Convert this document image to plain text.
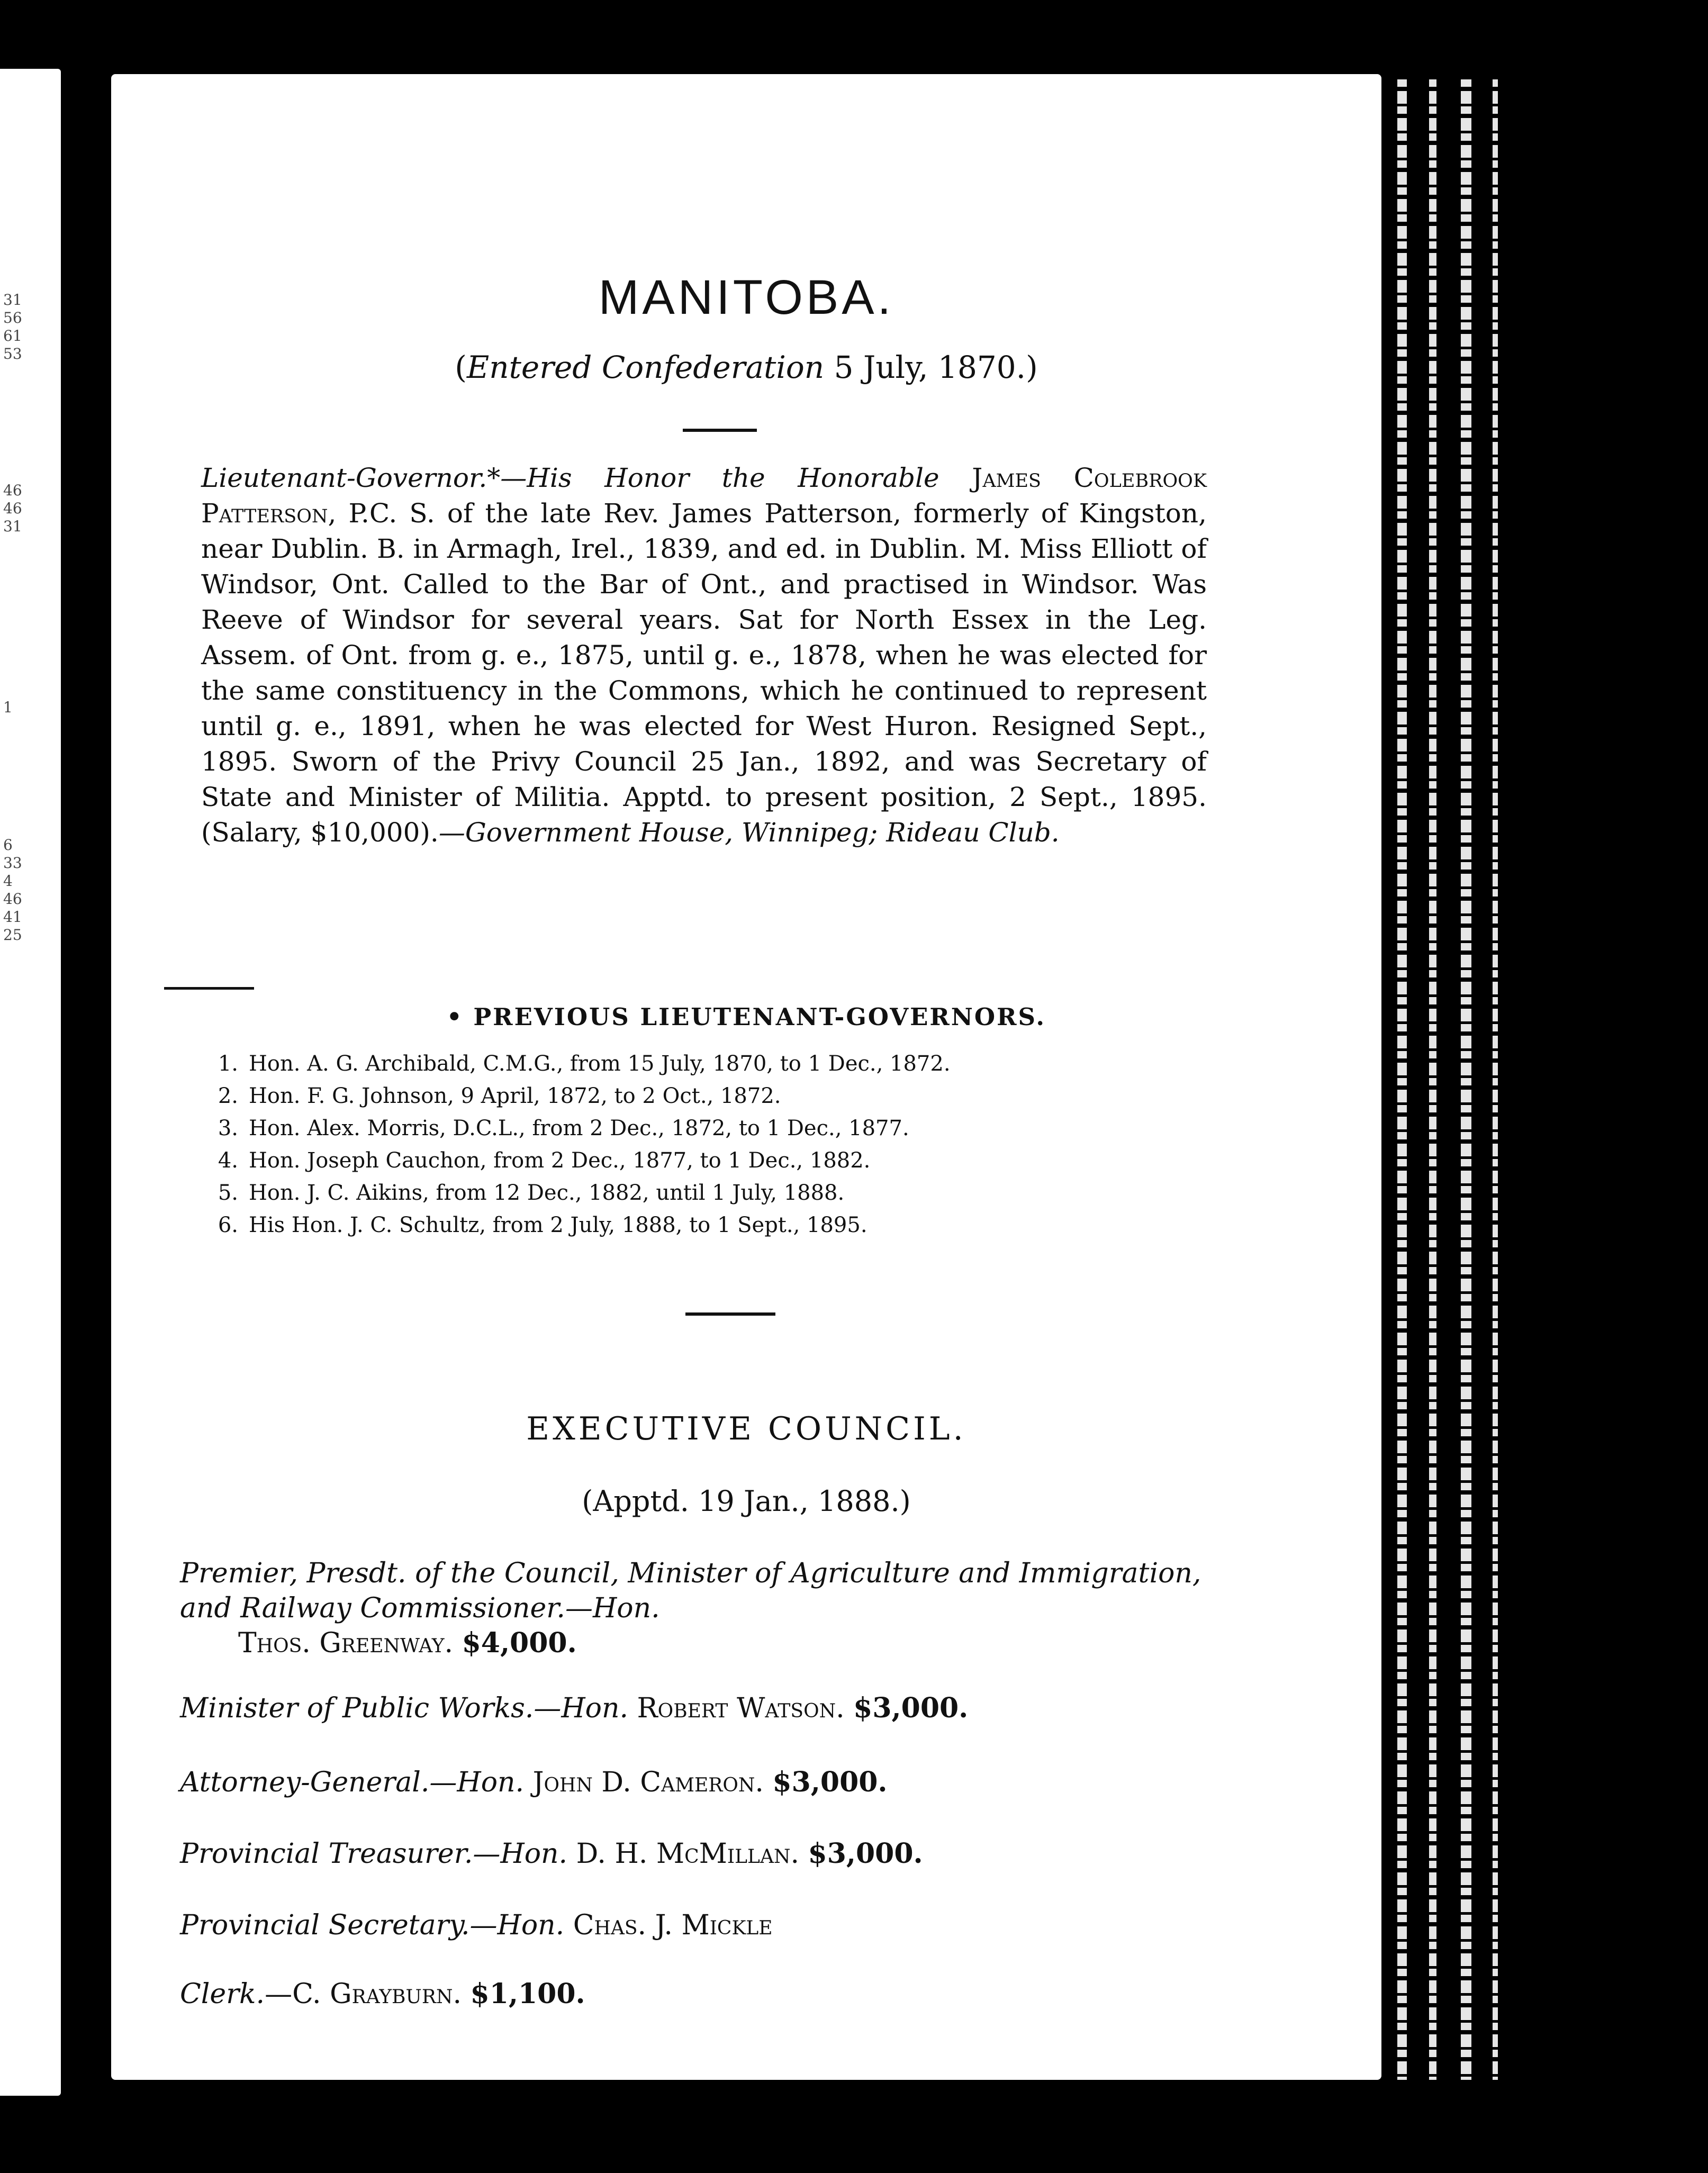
31
56
61
53
46
46
31
1
6
33
4
46
41
25
MANITOBA.
(Entered Confederation 5 July, 1870.)
Lieutenant-Governor.*—His Honor the Honorable James Colebrook Patterson, P.C. S. of the late Rev. James Patterson, formerly of Kingston, near Dublin. B. in Armagh, Irel., 1839, and ed. in Dublin. M. Miss Elliott of Windsor, Ont. Called to the Bar of Ont., and practised in Windsor. Was Reeve of Windsor for several years. Sat for North Essex in the Leg. Assem. of Ont. from g. e., 1875, until g. e., 1878, when he was elected for the same constituency in the Commons, which he continued to represent until g. e., 1891, when he was elected for West Huron. Resigned Sept., 1895. Sworn of the Privy Council 25 Jan., 1892, and was Secretary of State and Minister of Militia. Apptd. to present position, 2 Sept., 1895. (Salary, $10,000).—Government House, Winnipeg; Rideau Club.
• PREVIOUS LIEUTENANT-GOVERNORS.
1. Hon. A. G. Archibald, C.M.G., from 15 July, 1870, to 1 Dec., 1872.
2. Hon. F. G. Johnson, 9 April, 1872, to 2 Oct., 1872.
3. Hon. Alex. Morris, D.C.L., from 2 Dec., 1872, to 1 Dec., 1877.
4. Hon. Joseph Cauchon, from 2 Dec., 1877, to 1 Dec., 1882.
5. Hon. J. C. Aikins, from 12 Dec., 1882, until 1 July, 1888.
6. His Hon. J. C. Schultz, from 2 July, 1888, to 1 Sept., 1895.
EXECUTIVE COUNCIL.
(Apptd. 19 Jan., 1888.)
Premier, Presdt. of the Council, Minister of Agriculture and Immigration, and Railway Commissioner.—Hon.
Thos. Greenway. $4,000.
Minister of Public Works.—Hon. Robert Watson. $3,000.
Attorney-General.—Hon. John D. Cameron. $3,000.
Provincial Treasurer.—Hon. D. H. McMillan. $3,000.
Provincial Secretary.—Hon. Chas. J. Mickle
Clerk.—C. Grayburn. $1,100.
